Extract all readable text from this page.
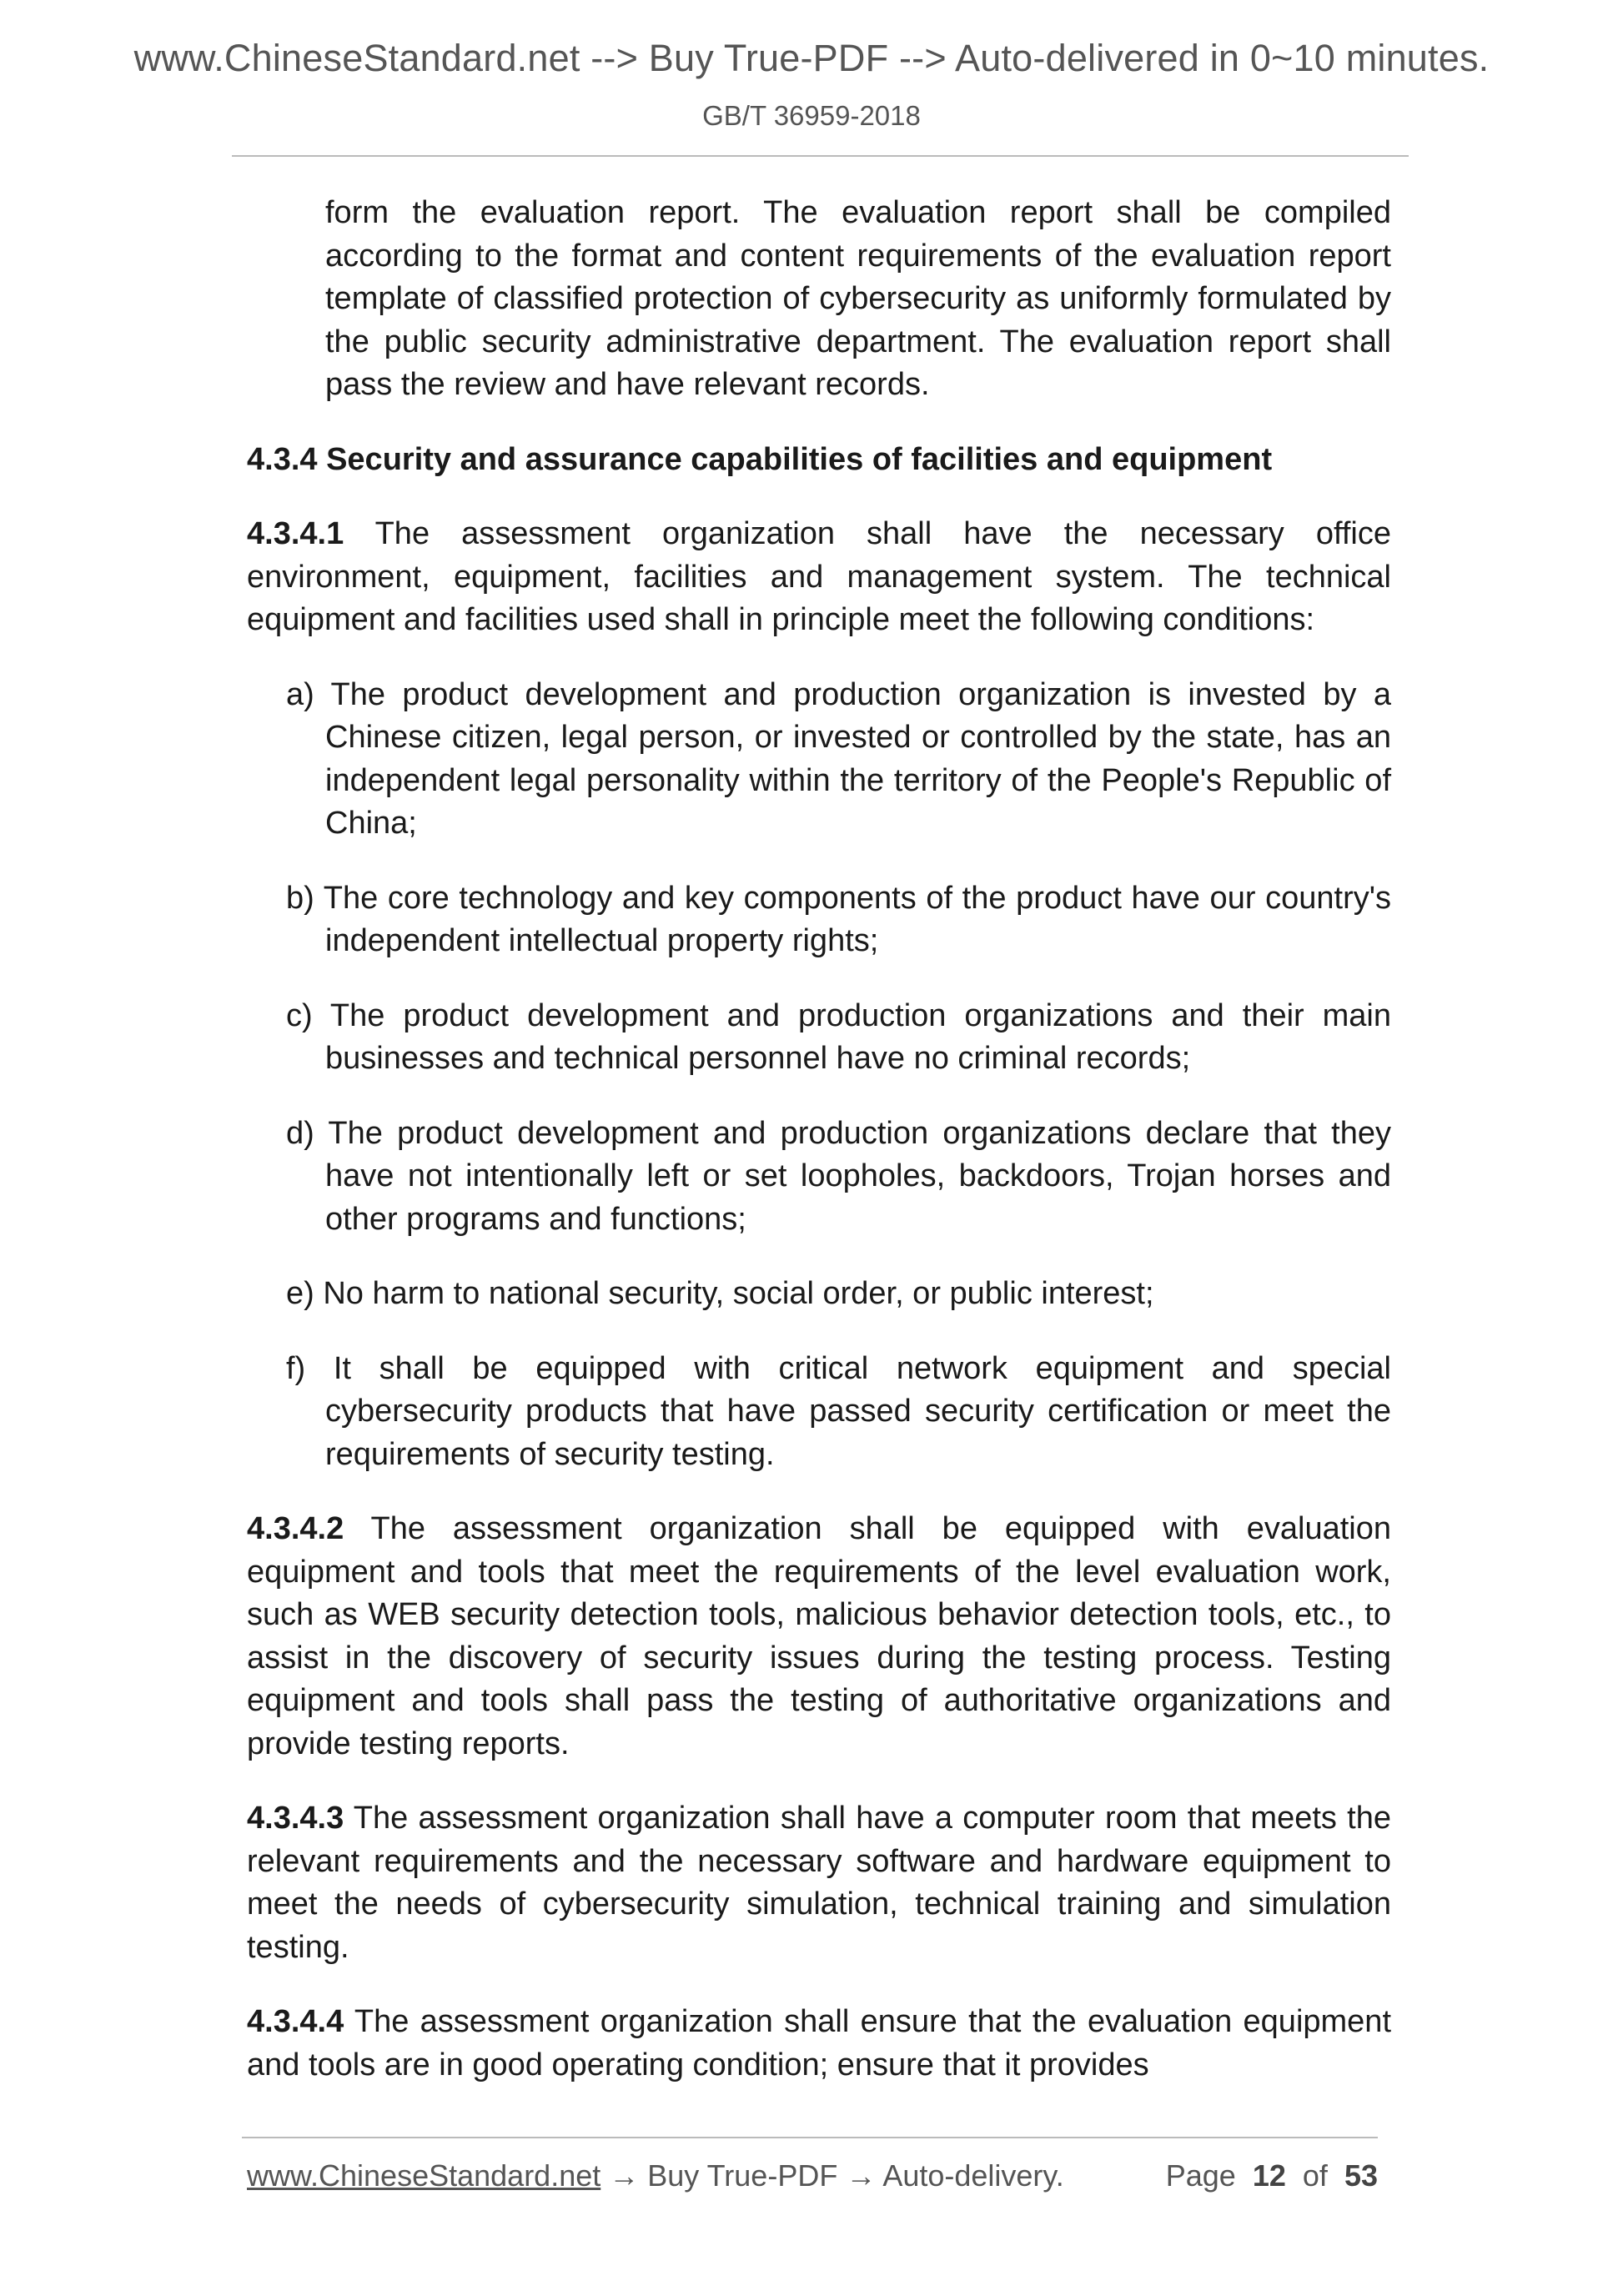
www.ChineseStandard.net --> Buy True-PDF --> Auto-delivered in 0~10 minutes.
GB/T 36959-2018

form the evaluation report. The evaluation report shall be compiled according to the format and content requirements of the evaluation report template of classified protection of cybersecurity as uniformly formulated by the public security administrative department. The evaluation report shall pass the review and have relevant records.

4.3.4 Security and assurance capabilities of facilities and equipment

4.3.4.1 The assessment organization shall have the necessary office environment, equipment, facilities and management system. The technical equipment and facilities used shall in principle meet the following conditions:

a) The product development and production organization is invested by a Chinese citizen, legal person, or invested or controlled by the state, has an independent legal personality within the territory of the People's Republic of China;

b) The core technology and key components of the product have our country's independent intellectual property rights;

c) The product development and production organizations and their main businesses and technical personnel have no criminal records;

d) The product development and production organizations declare that they have not intentionally left or set loopholes, backdoors, Trojan horses and other programs and functions;

e) No harm to national security, social order, or public interest;

f) It shall be equipped with critical network equipment and special cybersecurity products that have passed security certification or meet the requirements of security testing.

4.3.4.2 The assessment organization shall be equipped with evaluation equipment and tools that meet the requirements of the level evaluation work, such as WEB security detection tools, malicious behavior detection tools, etc., to assist in the discovery of security issues during the testing process. Testing equipment and tools shall pass the testing of authoritative organizations and provide testing reports.

4.3.4.3 The assessment organization shall have a computer room that meets the relevant requirements and the necessary software and hardware equipment to meet the needs of cybersecurity simulation, technical training and simulation testing.

4.3.4.4 The assessment organization shall ensure that the evaluation equipment and tools are in good operating condition; ensure that it provides

www.ChineseStandard.net → Buy True-PDF → Auto-delivery.	Page 12 of 53
